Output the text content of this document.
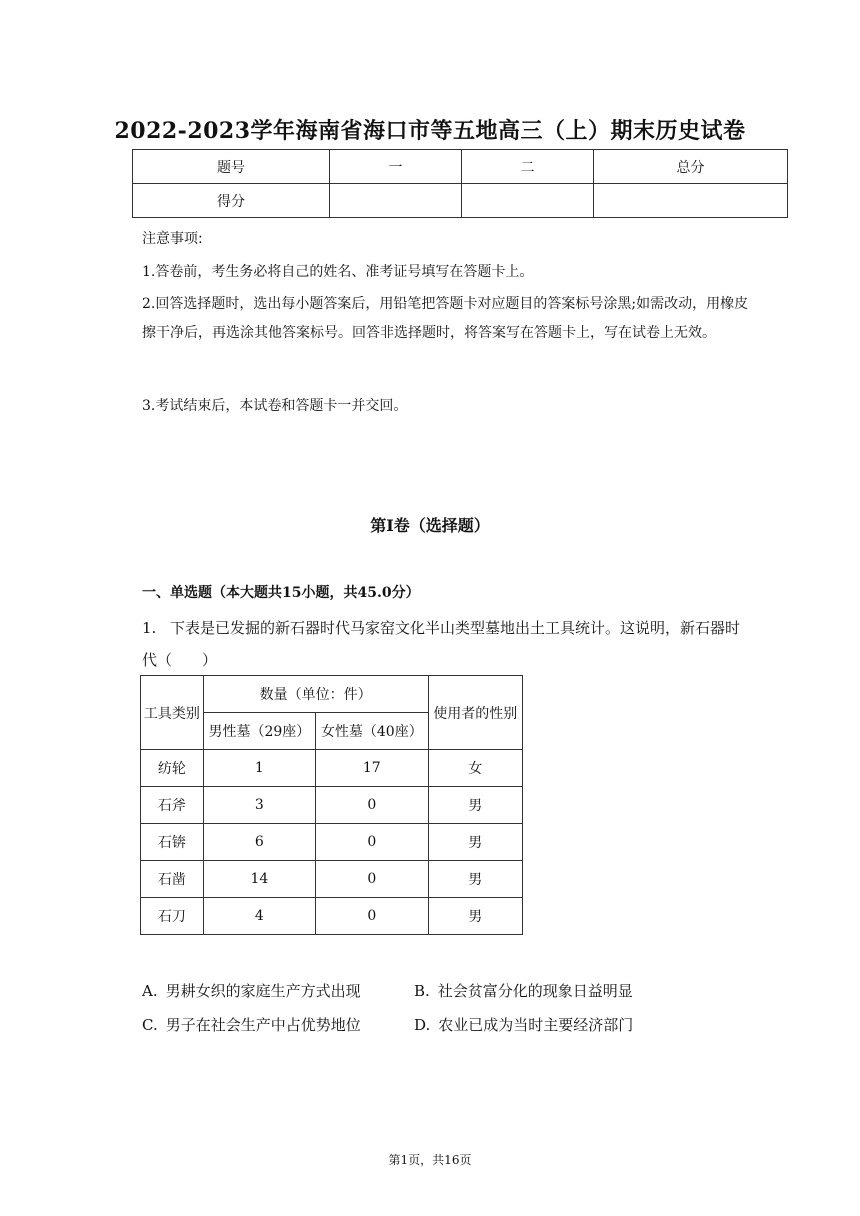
2022-2023学年海南省海口市等五地高三（上）期末历史试卷
题号	一	二	总分
得分			
注意事项:
1.答卷前，考生务必将自己的姓名、准考证号填写在答题卡上。
2.回答选择题时，选出每小题答案后，用铅笔把答题卡对应题目的答案标号涂黑;如需改动，用橡皮擦干净后，再选涂其他答案标号。回答非选择题时，将答案写在答题卡上，写在试卷上无效。
3.考试结束后，本试卷和答题卡一并交回。
第I卷（选择题）
一、单选题（本大题共15小题，共45.0分）
1. 下表是已发掘的新石器时代马家窑文化半山类型墓地出土工具统计。这说明，新石器时代（　　）
工具类别	数量（单位：件）		使用者的性别
	男性墓（29座）	女性墓（40座）	
纺轮	1	17	女
石斧	3	0	男
石锛	6	0	男
石凿	14	0	男
石刀	4	0	男
A. 男耕女织的家庭生产方式出现	B. 社会贫富分化的现象日益明显
C. 男子在社会生产中占优势地位	D. 农业已成为当时主要经济部门
第1页，共16页
